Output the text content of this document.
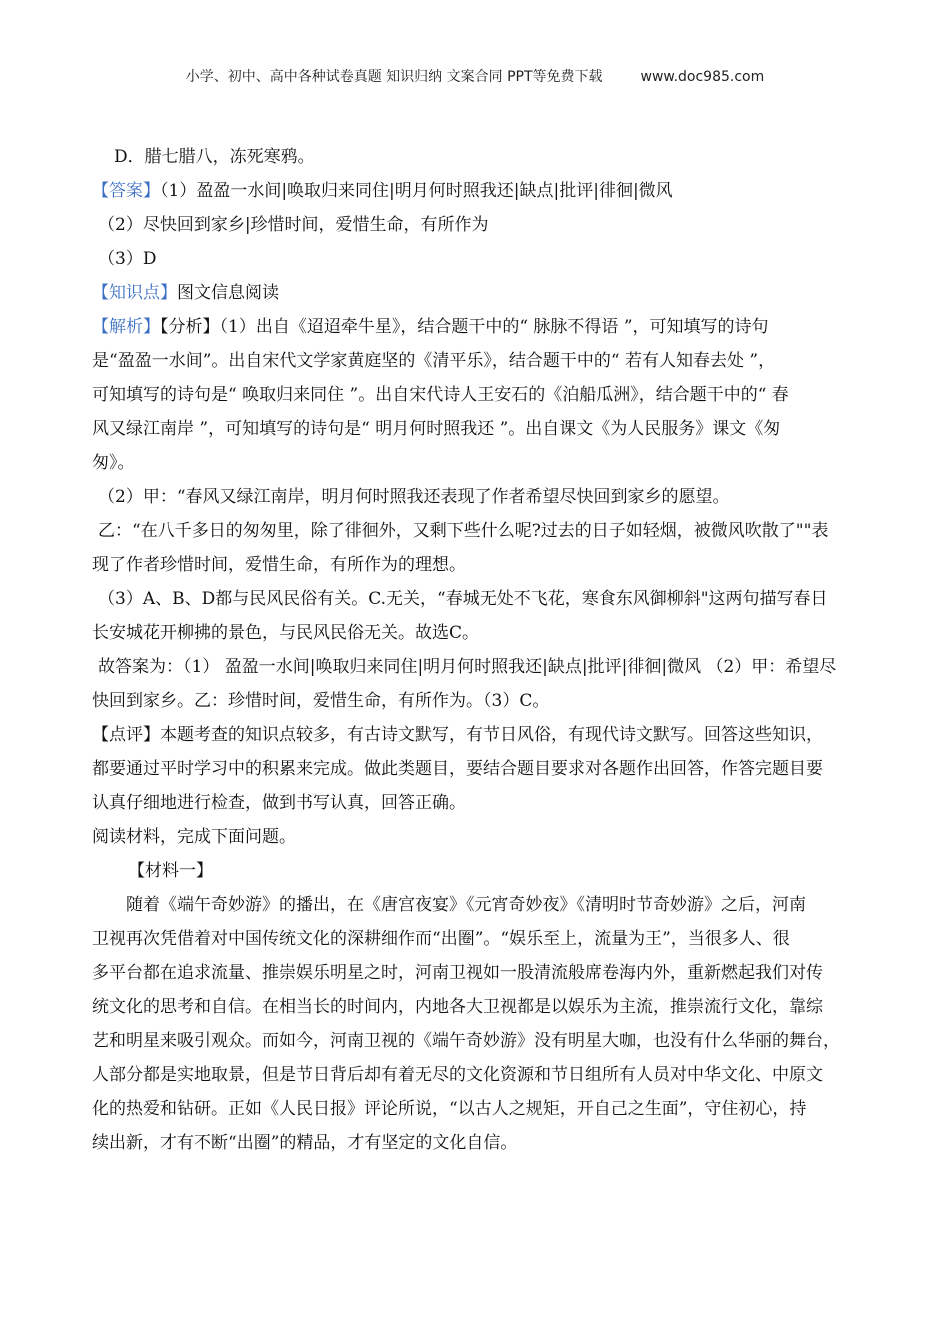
小学、初中、高中各种试卷真题 知识归纳 文案合同 PPT等免费下载	www.doc985.com

D．腊七腊八，冻死寒鸦。

【答案】（1）盈盈一水间|唤取归来同住|明月何时照我还|缺点|批评|徘徊|微风

（2）尽快回到家乡|珍惜时间，爱惜生命，有所作为

（3）D

【知识点】图文信息阅读

【解析】【分析】（1）出自《迢迢牵牛星》，结合题干中的“ 脉脉不得语 ”，可知填写的诗句

是“盈盈一水间”。出自宋代文学家黄庭坚的《清平乐》，结合题干中的“ 若有人知春去处 ”，

可知填写的诗句是“ 唤取归来同住 ”。出自宋代诗人王安石的《泊船瓜洲》，结合题干中的“ 春

风又绿江南岸 ”，可知填写的诗句是“ 明月何时照我还 ”。出自课文《为人民服务》课文《匆

匆》。

（2）甲：“春风又绿江南岸，明月何时照我还表现了作者希望尽快回到家乡的愿望。

乙：“在八千多日的匆匆里，除了徘徊外，又剩下些什么呢?过去的日子如轻烟，被微风吹散了""表

现了作者珍惜时间，爱惜生命，有所作为的理想。

（3）A、B、D都与民风民俗有关。C.无关，“春城无处不飞花，寒食东风御柳斜"这两句描写春日

长安城花开柳拂的景色，与民风民俗无关。故选C。

故答案为：（1） 盈盈一水间|唤取归来同住|明月何时照我还|缺点|批评|徘徊|微风 （2）甲：希望尽

快回到家乡。乙：珍惜时间，爱惜生命，有所作为。（3）C。

【点评】本题考查的知识点较多，有古诗文默写，有节日风俗，有现代诗文默写。回答这些知识，

都要通过平时学习中的积累来完成。做此类题目，要结合题目要求对各题作出回答，作答完题目要

认真仔细地进行检查，做到书写认真，回答正确。

阅读材料，完成下面问题。

【材料一】

随着《端午奇妙游》的播出，在《唐宫夜宴》《元宵奇妙夜》《清明时节奇妙游》之后，河南

卫视再次凭借着对中国传统文化的深耕细作而“出圈”。“娱乐至上，流量为王”，当很多人、很

多平台都在追求流量、推崇娱乐明星之时，河南卫视如一股清流般席卷海内外，重新燃起我们对传

统文化的思考和自信。在相当长的时间内，内地各大卫视都是以娱乐为主流，推崇流行文化，靠综

艺和明星来吸引观众。而如今，河南卫视的《端午奇妙游》没有明星大咖，也没有什么华丽的舞台，

人部分都是实地取景，但是节日背后却有着无尽的文化资源和节日组所有人员对中华文化、中原文

化的热爱和钻研。正如《人民日报》评论所说，“以古人之规矩，开自己之生面”，守住初心，持

续出新，才有不断“出圈”的精品，才有坚定的文化自信。
